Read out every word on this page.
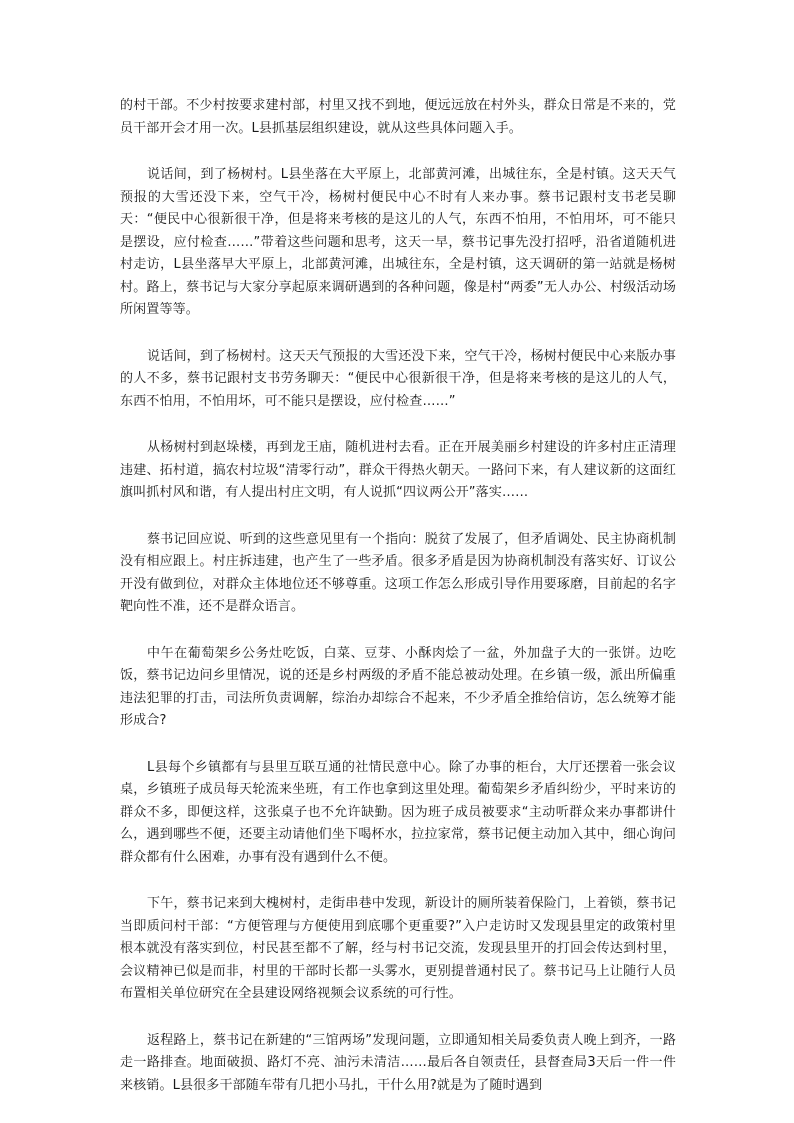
的村干部。不少村按要求建村部，村里又找不到地，便远远放在村外头，群众日常是不来的，党员干部开会才用一次。L县抓基层组织建设，就从这些具体问题入手。

说话间，到了杨树村。L县坐落在大平原上，北部黄河滩，出城往东，全是村镇。这天天气预报的大雪还没下来，空气干冷，杨树村便民中心不时有人来办事。蔡书记跟村支书老吴聊天：“便民中心很新很干净，但是将来考核的是这儿的人气，东西不怕用，不怕用坏，可不能只是摆设，应付检查……”带着这些问题和思考，这天一早，蔡书记事先没打招呼，沿省道随机进村走访，L县坐落早大平原上，北部黄河滩，出城往东，全是村镇，这天调研的第一站就是杨树村。路上，蔡书记与大家分享起原来调研遇到的各种问题，像是村“两委”无人办公、村级活动场所闲置等等。

说话间，到了杨树村。这天天气预报的大雪还没下来，空气干冷，杨树村便民中心来版办事的人不多，蔡书记跟村支书劳务聊天：“便民中心很新很干净，但是将来考核的是这儿的人气，东西不怕用，不怕用坏，可不能只是摆设，应付检查……”

从杨树村到赵垛楼，再到龙王庙，随机进村去看。正在开展美丽乡村建设的许多村庄正清理违建、拓村道，搞农村垃圾“清零行动”，群众干得热火朝天。一路问下来，有人建议新的这面红旗叫抓村风和谐，有人提出村庄文明，有人说抓“四议两公开”落实……

蔡书记回应说、听到的这些意见里有一个指向：脱贫了发展了，但矛盾调处、民主协商机制没有相应跟上。村庄拆违建，也产生了一些矛盾。很多矛盾是因为协商机制没有落实好、订议公开没有做到位，对群众主体地位还不够尊重。这项工作怎么形成引导作用要琢磨，目前起的名字靶向性不准，还不是群众语言。

中午在葡萄架乡公务灶吃饭，白菜、豆芽、小酥肉烩了一盆，外加盘子大的一张饼。边吃饭，蔡书记边问乡里情况，说的还是乡村两级的矛盾不能总被动处理。在乡镇一级，派出所偏重违法犯罪的打击，司法所负责调解，综治办却综合不起来，不少矛盾全推给信访，怎么统筹才能形成合?

L县每个乡镇都有与县里互联互通的社情民意中心。除了办事的柜台，大厅还摆着一张会议桌，乡镇班子成员每天轮流来坐班，有工作也拿到这里处理。葡萄架乡矛盾纠纷少，平时来访的群众不多，即便这样，这张桌子也不允许缺勤。因为班子成员被要求“主动听群众来办事都讲什么，遇到哪些不便，还要主动请他们坐下喝杯水，拉拉家常，蔡书记便主动加入其中，细心询问群众都有什么困难，办事有没有遇到什么不便。

下午，蔡书记来到大槐树村，走街串巷中发现，新设计的厕所装着保险门，上着锁，蔡书记当即质问村干部：“方便管理与方便使用到底哪个更重要?”入户走访时又发现县里定的政策村里根本就没有落实到位，村民甚至都不了解，经与村书记交流，发现县里开的打回会传达到村里，会议精神已似是而非，村里的干部时长都一头雾水，更别提普通村民了。蔡书记马上让随行人员布置相关单位研究在全县建设网络视频会议系统的可行性。

返程路上，蔡书记在新建的“三馆两场”发现问题，立即通知相关局委负责人晚上到齐，一路走一路排查。地面破损、路灯不亮、油污未清洁……最后各自领责任，县督查局3天后一件一件来核销。L县很多干部随车带有几把小马扎，干什么用?就是为了随时遇到
